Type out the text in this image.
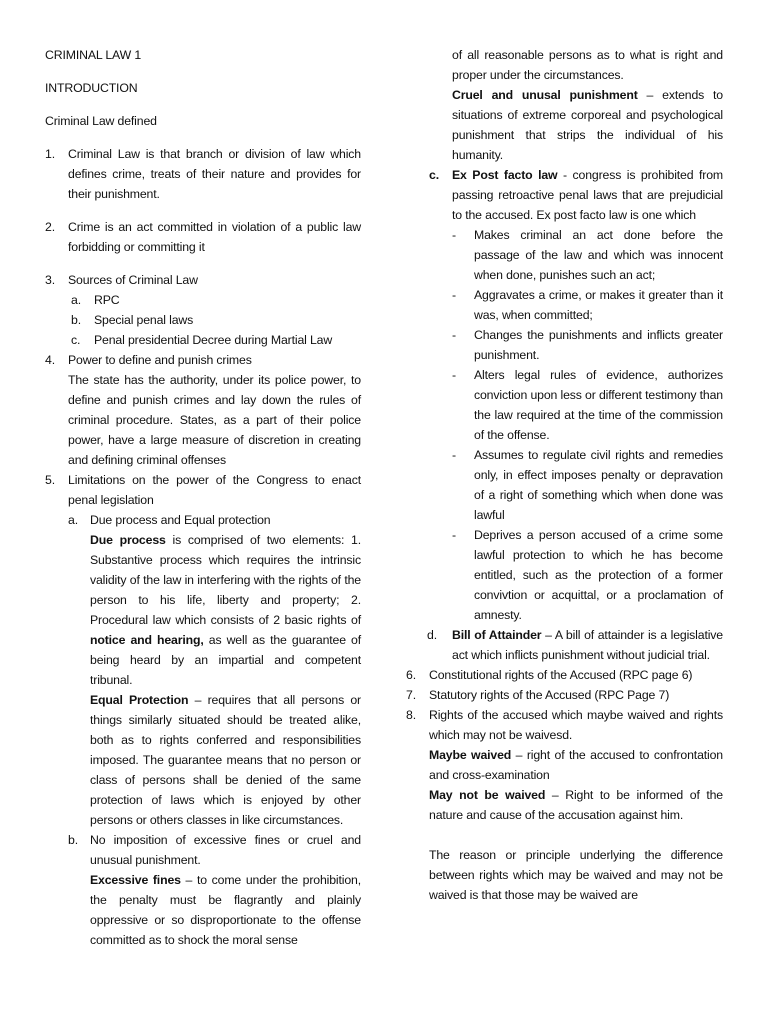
CRIMINAL LAW 1

INTRODUCTION

Criminal Law defined

1. Criminal Law is that branch or division of law which defines crime, treats of their nature and provides for their punishment.

2. Crime is an act committed in violation of a public law forbidding or committing it

3. Sources of Criminal Law

a. RPC

b. Special penal laws

c. Penal presidential Decree during Martial Law

4. Power to define and punish crimes

The state has the authority, under its police power, to define and punish crimes and lay down the rules of criminal procedure. States, as a part of their police power, have a large measure of discretion in creating and defining criminal offenses

5. Limitations on the power of the Congress to enact penal legislation

a. Due process and Equal protection

Due process is comprised of two elements: 1. Substantive process which requires the intrinsic validity of the law in interfering with the rights of the person to his life, liberty and property; 2. Procedural law which consists of 2 basic rights of notice and hearing, as well as the guarantee of being heard by an impartial and competent tribunal.

Equal Protection – requires that all persons or things similarly situated should be treated alike, both as to rights conferred and responsibilities imposed. The guarantee means that no person or class of persons shall be denied of the same protection of laws which is enjoyed by other persons or others classes in like circumstances.

b. No imposition of excessive fines or cruel and unusual punishment.

Excessive fines – to come under the prohibition, the penalty must be flagrantly and plainly oppressive or so disproportionate to the offense committed as to shock the moral sense

of all reasonable persons as to what is right and proper under the circumstances.

Cruel and unusal punishment – extends to situations of extreme corporeal and psychological punishment that strips the individual of his humanity.

c. Ex Post facto law - congress is prohibited from passing retroactive penal laws that are prejudicial to the accused. Ex post facto law is one which

- Makes criminal an act done before the passage of the law and which was innocent when done, punishes such an act;

- Aggravates a crime, or makes it greater than it was, when committed;

- Changes the punishments and inflicts greater punishment.

- Alters legal rules of evidence, authorizes conviction upon less or different testimony than the law required at the time of the commission of the offense.

- Assumes to regulate civil rights and remedies only, in effect imposes penalty or depravation of a right of something which when done was lawful

- Deprives a person accused of a crime some lawful protection to which he has become entitled, such as the protection of a former convivtion or acquittal, or a proclamation of amnesty.

d. Bill of Attainder – A bill of attainder is a legislative act which inflicts punishment without judicial trial.

6. Constitutional rights of the Accused (RPC page 6)

7. Statutory rights of the Accused (RPC Page 7)

8. Rights of the accused which maybe waived and rights which may not be waivesd.

Maybe waived – right of the accused to confrontation and cross-examination

May not be waived – Right to be informed of the nature and cause of the accusation against him.

The reason or principle underlying the difference between rights which may be waived and may not be waived is that those may be waived are
